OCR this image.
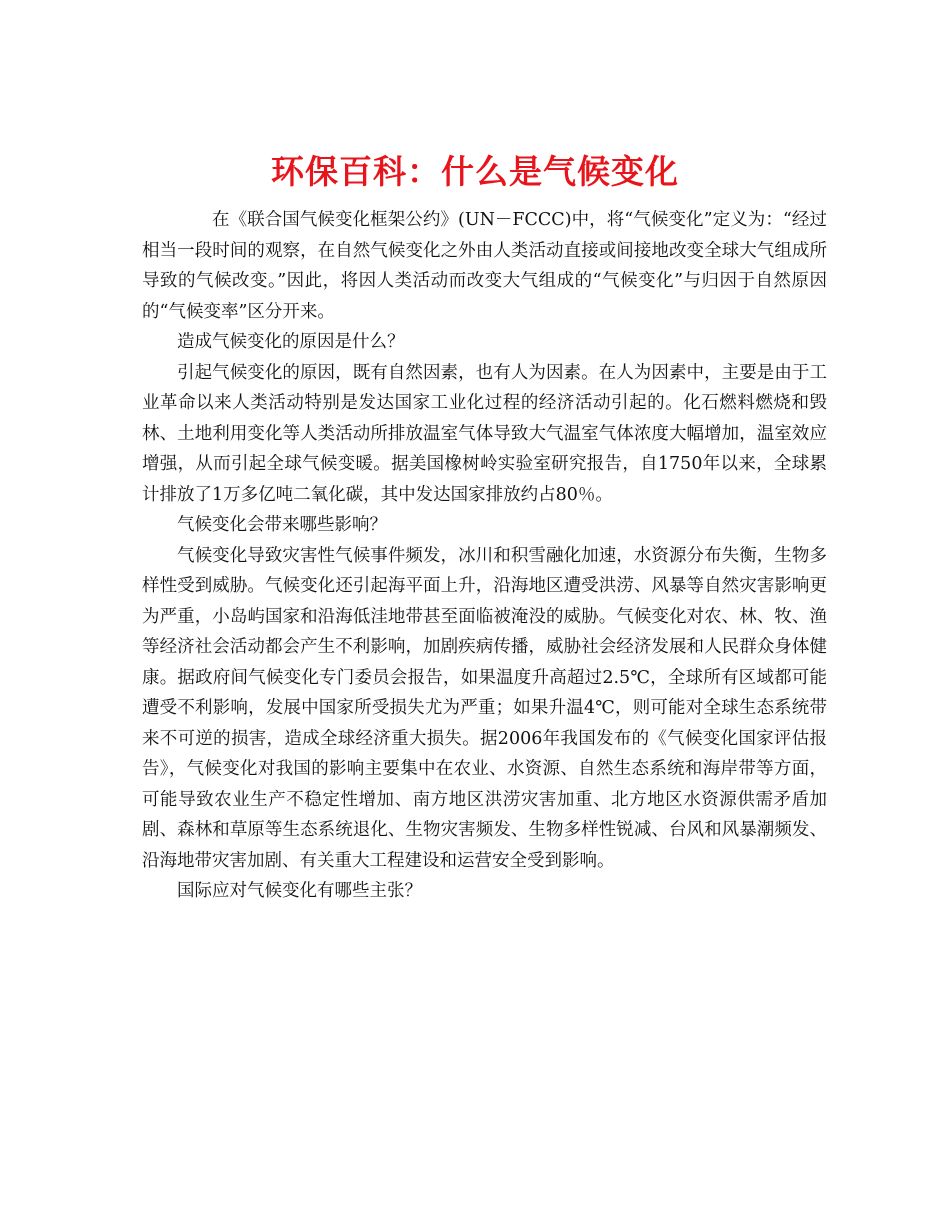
环保百科：什么是气候变化

在《联合国气候变化框架公约》(UN－FCCC)中，将“气候变化”定义为：“经过相当一段时间的观察，在自然气候变化之外由人类活动直接或间接地改变全球大气组成所导致的气候改变。”因此，将因人类活动而改变大气组成的“气候变化”与归因于自然原因的“气候变率”区分开来。

造成气候变化的原因是什么？

引起气候变化的原因，既有自然因素，也有人为因素。在人为因素中，主要是由于工业革命以来人类活动特别是发达国家工业化过程的经济活动引起的。化石燃料燃烧和毁林、土地利用变化等人类活动所排放温室气体导致大气温室气体浓度大幅增加，温室效应增强，从而引起全球气候变暖。据美国橡树岭实验室研究报告，自1750年以来，全球累计排放了1万多亿吨二氧化碳，其中发达国家排放约占80％。

气候变化会带来哪些影响？

气候变化导致灾害性气候事件频发，冰川和积雪融化加速，水资源分布失衡，生物多样性受到威胁。气候变化还引起海平面上升，沿海地区遭受洪涝、风暴等自然灾害影响更为严重，小岛屿国家和沿海低洼地带甚至面临被淹没的威胁。气候变化对农、林、牧、渔等经济社会活动都会产生不利影响，加剧疾病传播，威胁社会经济发展和人民群众身体健康。据政府间气候变化专门委员会报告，如果温度升高超过2.5℃，全球所有区域都可能遭受不利影响，发展中国家所受损失尤为严重；如果升温4℃，则可能对全球生态系统带来不可逆的损害，造成全球经济重大损失。据2006年我国发布的《气候变化国家评估报告》，气候变化对我国的影响主要集中在农业、水资源、自然生态系统和海岸带等方面，可能导致农业生产不稳定性增加、南方地区洪涝灾害加重、北方地区水资源供需矛盾加剧、森林和草原等生态系统退化、生物灾害频发、生物多样性锐减、台风和风暴潮频发、沿海地带灾害加剧、有关重大工程建设和运营安全受到影响。

国际应对气候变化有哪些主张？
